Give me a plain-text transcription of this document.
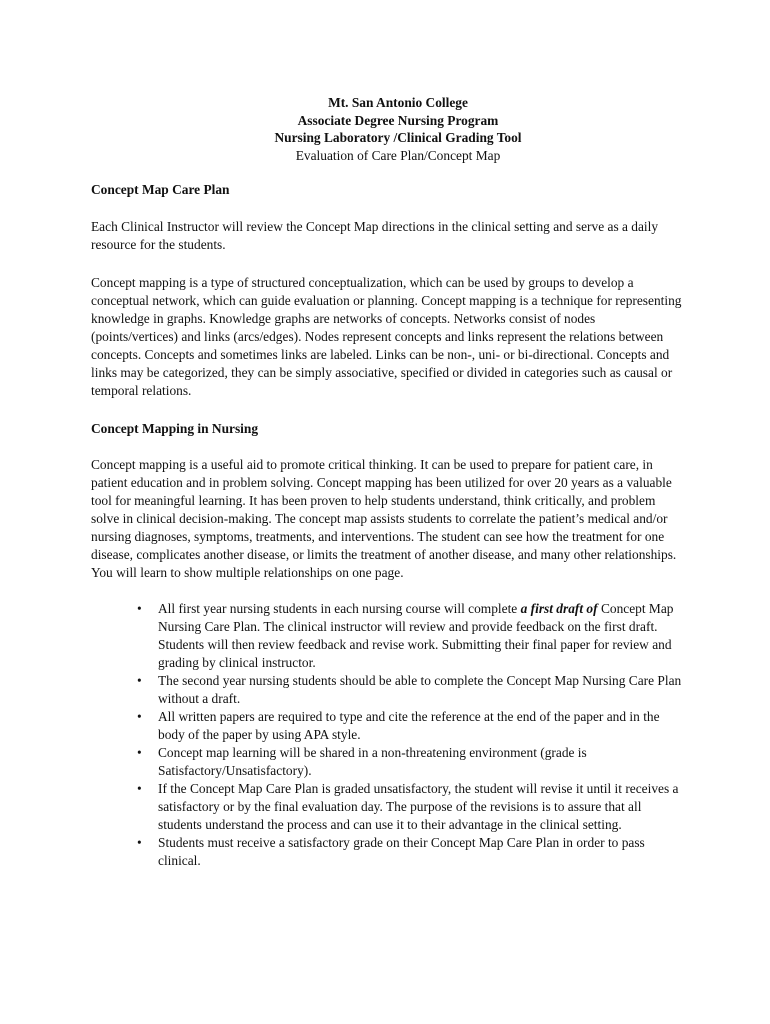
Mt. San Antonio College
Associate Degree Nursing Program
Nursing Laboratory /Clinical Grading Tool
Evaluation of Care Plan/Concept Map
Concept Map Care Plan

Each Clinical Instructor will review the Concept Map directions in the clinical setting and serve as a daily resource for the students.

Concept mapping is a type of structured conceptualization, which can be used by groups to develop a conceptual network, which can guide evaluation or planning. Concept mapping is a technique for representing knowledge in graphs. Knowledge graphs are networks of concepts. Networks consist of nodes (points/vertices) and links (arcs/edges). Nodes represent concepts and links represent the relations between concepts. Concepts and sometimes links are labeled. Links can be non-, uni- or bi-directional. Concepts and links may be categorized, they can be simply associative, specified or divided in categories such as causal or temporal relations.

Concept Mapping in Nursing

Concept mapping is a useful aid to promote critical thinking. It can be used to prepare for patient care, in patient education and in problem solving. Concept mapping has been utilized for over 20 years as a valuable tool for meaningful learning. It has been proven to help students understand, think critically, and problem solve in clinical decision-making. The concept map assists students to correlate the patient’s medical and/or nursing diagnoses, symptoms, treatments, and interventions. The student can see how the treatment for one disease, complicates another disease, or limits the treatment of another disease, and many other relationships. You will learn to show multiple relationships on one page.

• All first year nursing students in each nursing course will complete a first draft of Concept Map Nursing Care Plan. The clinical instructor will review and provide feedback on the first draft. Students will then review feedback and revise work. Submitting their final paper for review and grading by clinical instructor.
• The second year nursing students should be able to complete the Concept Map Nursing Care Plan without a draft.
• All written papers are required to type and cite the reference at the end of the paper and in the body of the paper by using APA style.
• Concept map learning will be shared in a non-threatening environment (grade is Satisfactory/Unsatisfactory).
• If the Concept Map Care Plan is graded unsatisfactory, the student will revise it until it receives a satisfactory or by the final evaluation day. The purpose of the revisions is to assure that all students understand the process and can use it to their advantage in the clinical setting.
• Students must receive a satisfactory grade on their Concept Map Care Plan in order to pass clinical.
